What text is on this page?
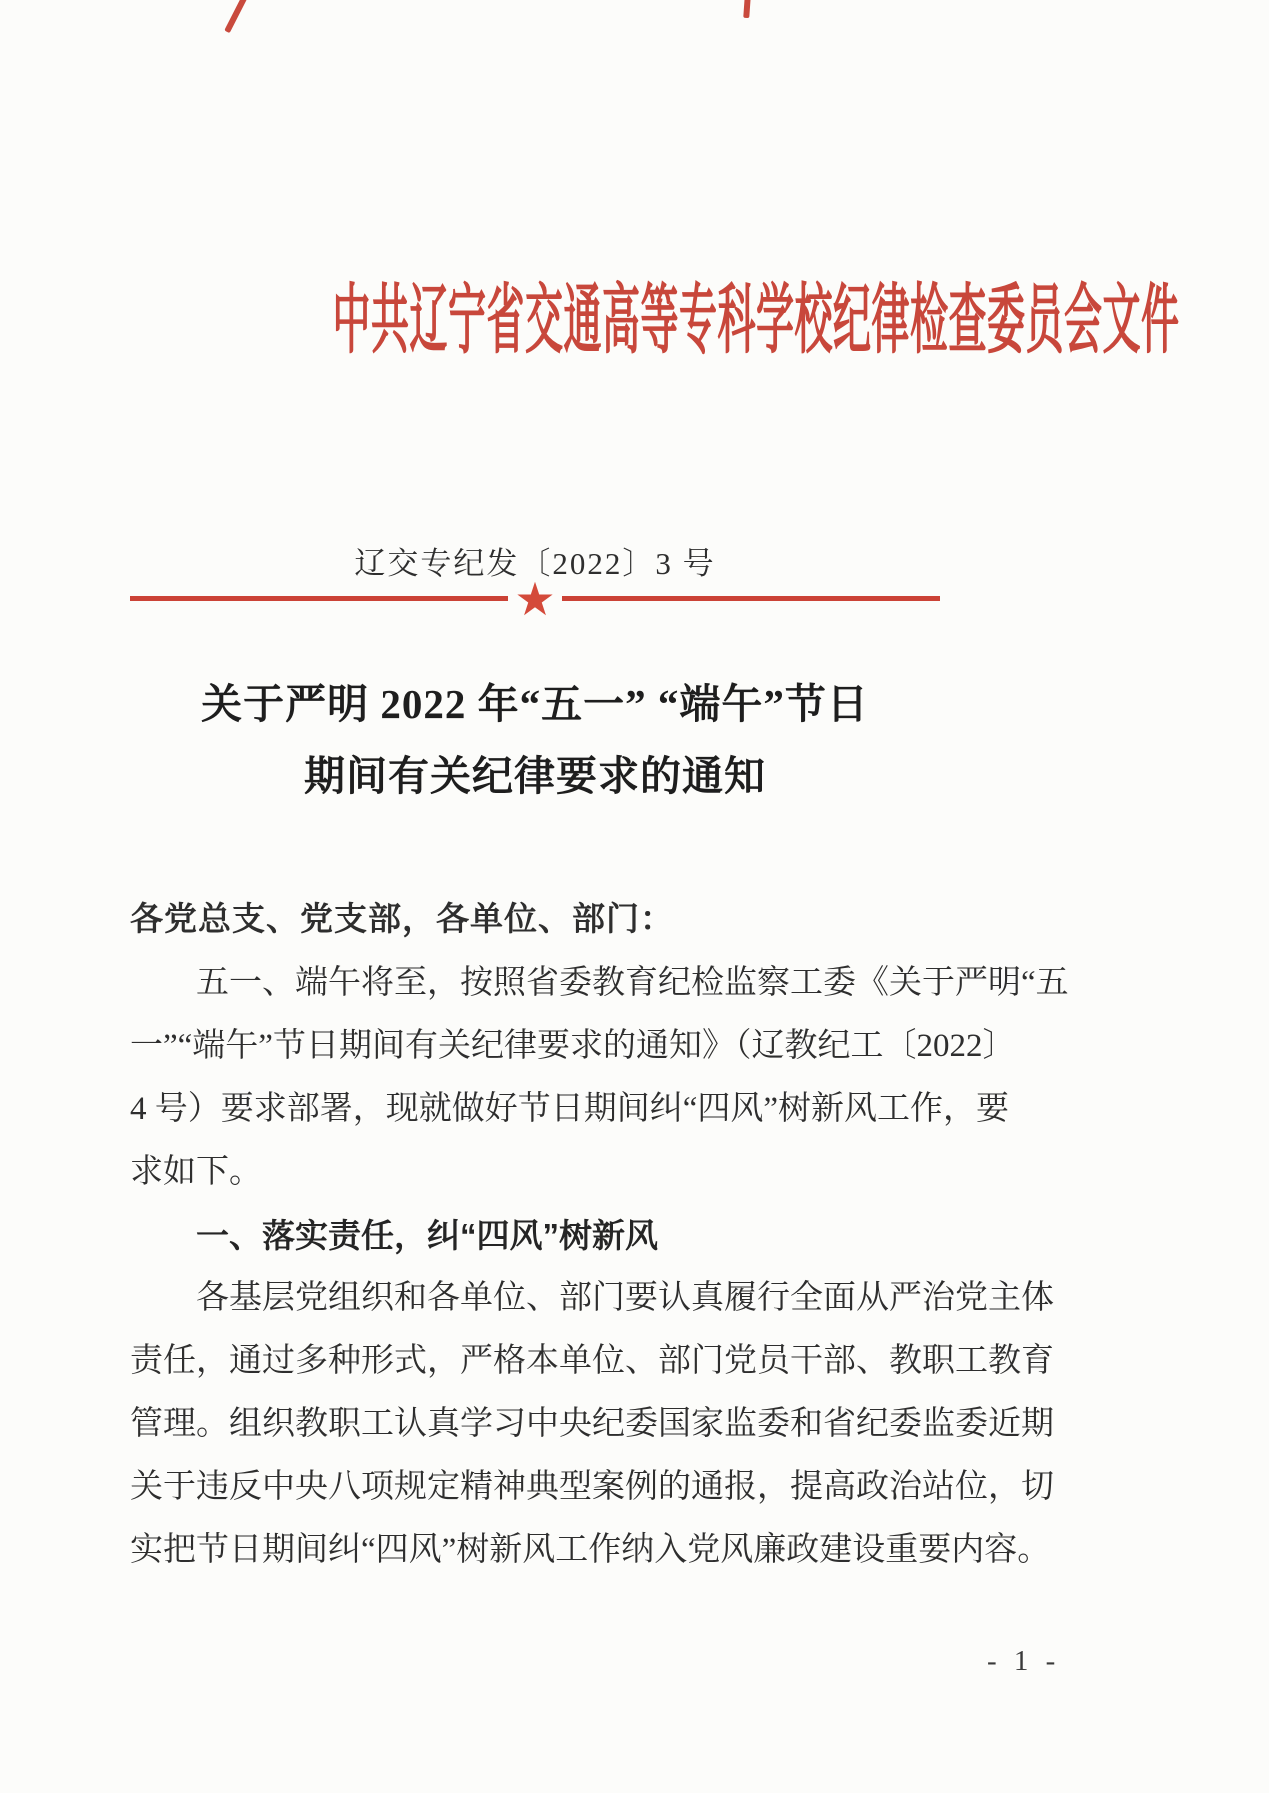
中共辽宁省交通高等专科学校纪律检查委员会文件
辽交专纪发〔2022〕3 号
★
关于严明 2022 年“五一” “端午”节日
期间有关纪律要求的通知
各党总支、党支部，各单位、部门：
五一、端午将至，按照省委教育纪检监察工委《关于严明“五
一”“端午”节日期间有关纪律要求的通知》（辽教纪工〔2022〕
4 号）要求部署，现就做好节日期间纠“四风”树新风工作，要
求如下。
一、落实责任，纠“四风”树新风
各基层党组织和各单位、部门要认真履行全面从严治党主体
责任，通过多种形式，严格本单位、部门党员干部、教职工教育
管理。组织教职工认真学习中央纪委国家监委和省纪委监委近期
关于违反中央八项规定精神典型案例的通报，提高政治站位，切
实把节日期间纠“四风”树新风工作纳入党风廉政建设重要内容。
- 1 -
